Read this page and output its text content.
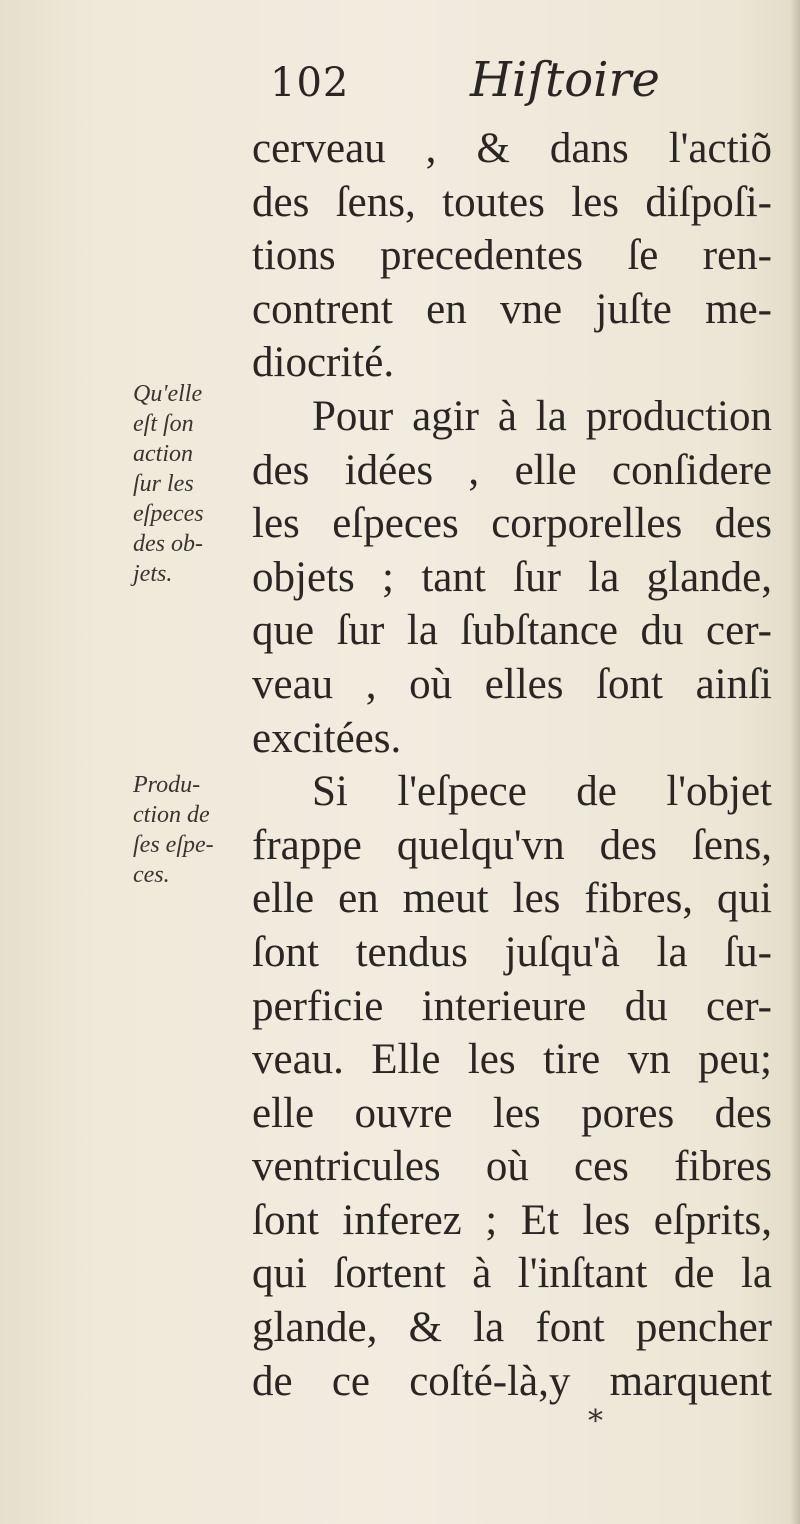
102	Hiſtoire
Qu'elle
eſt ſon
action
ſur les
eſpeces
des ob-
jets.
Produ-
ction de
ſes eſpe-
ces.
cerveau , & dans l'actiõ
des ſens, toutes les diſpoſi-
tions precedentes ſe ren-
contrent en vne juſte me-
diocrité.
Pour agir à la production
des idées , elle conſidere
les eſpeces corporelles des
objets ; tant ſur la glande,
que ſur la ſubſtance du cer-
veau , où elles ſont ainſi
excitées.
Si l'eſpece de l'objet
frappe quelqu'vn des ſens,
elle en meut les fibres, qui
ſont tendus juſqu'à la ſu-
perficie interieure du cer-
veau. Elle les tire vn peu;
elle ouvre les pores des
ventricules où ces fibres
ſont inferez ; Et les eſprits,
qui ſortent à l'inſtant de la
glande, & la font pencher
de ce coſté-là,y marquent
*
